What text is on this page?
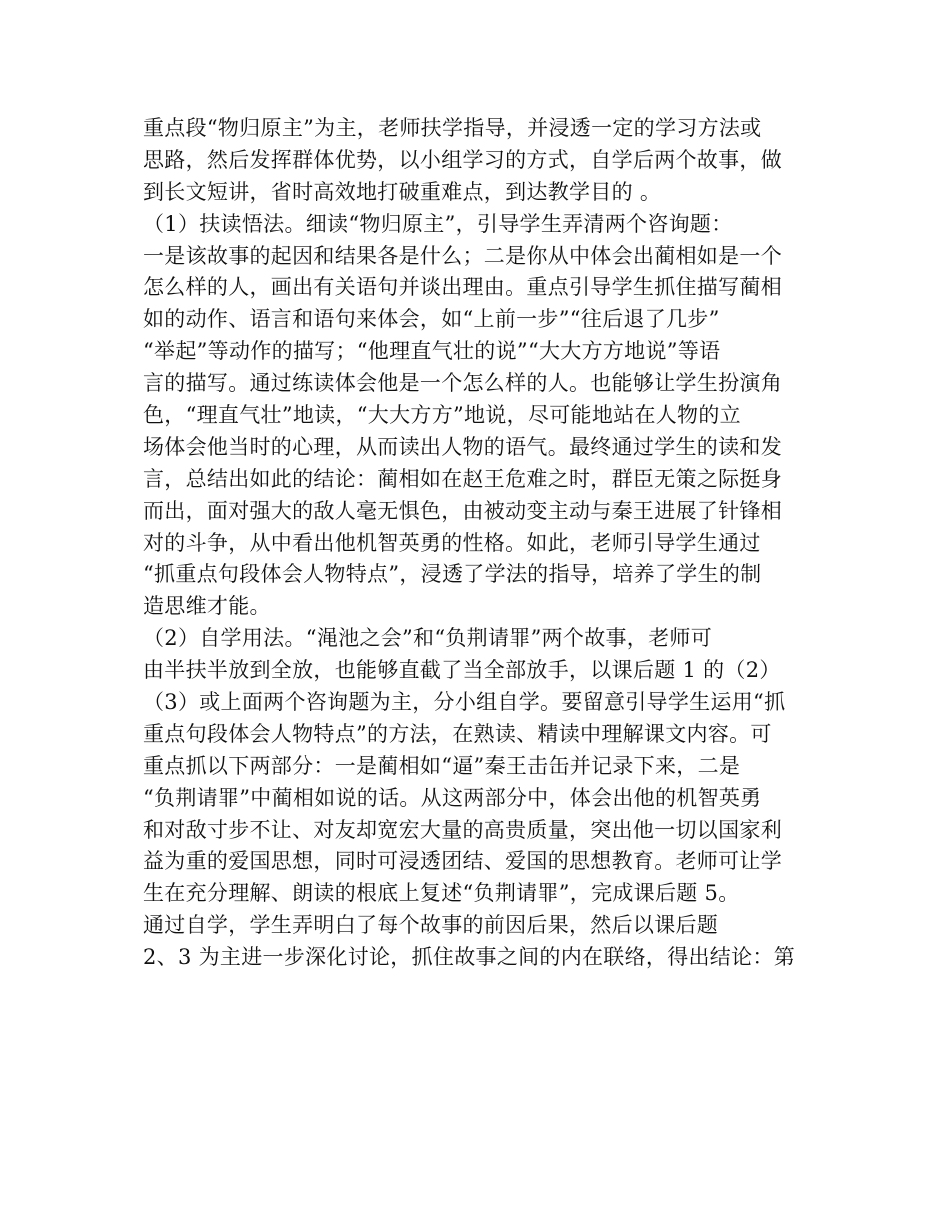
重点段“物归原主”为主，老师扶学指导，并浸透一定的学习方法或
思路，然后发挥群体优势，以小组学习的方式，自学后两个故事，做
到长文短讲，省时高效地打破重难点，到达教学目的 。
（1）扶读悟法。细读“物归原主”，引导学生弄清两个咨询题：
一是该故事的起因和结果各是什么；二是你从中体会出蔺相如是一个
怎么样的人，画出有关语句并谈出理由。重点引导学生抓住描写蔺相
如的动作、语言和语句来体会，如“上前一步”“往后退了几步”
“举起”等动作的描写；“他理直气壮的说”“大大方方地说”等语
言的描写。通过练读体会他是一个怎么样的人。也能够让学生扮演角
色，“理直气壮”地读，“大大方方”地说，尽可能地站在人物的立
场体会他当时的心理，从而读出人物的语气。最终通过学生的读和发
言，总结出如此的结论：蔺相如在赵王危难之时，群臣无策之际挺身
而出，面对强大的敌人毫无惧色，由被动变主动与秦王进展了针锋相
对的斗争，从中看出他机智英勇的性格。如此，老师引导学生通过
“抓重点句段体会人物特点”，浸透了学法的指导，培养了学生的制
造思维才能。
（2）自学用法。“渑池之会”和“负荆请罪”两个故事，老师可
由半扶半放到全放，也能够直截了当全部放手，以课后题 1 的（2）
（3）或上面两个咨询题为主，分小组自学。要留意引导学生运用“抓
重点句段体会人物特点”的方法，在熟读、精读中理解课文内容。可
重点抓以下两部分：一是蔺相如“逼”秦王击缶并记录下来，二是
“负荆请罪”中蔺相如说的话。从这两部分中，体会出他的机智英勇
和对敌寸步不让、对友却宽宏大量的高贵质量，突出他一切以国家利
益为重的爱国思想，同时可浸透团结、爱国的思想教育。老师可让学
生在充分理解、朗读的根底上复述“负荆请罪”，完成课后题 5。
通过自学，学生弄明白了每个故事的前因后果，然后以课后题
2、3 为主进一步深化讨论，抓住故事之间的内在联络，得出结论：第
